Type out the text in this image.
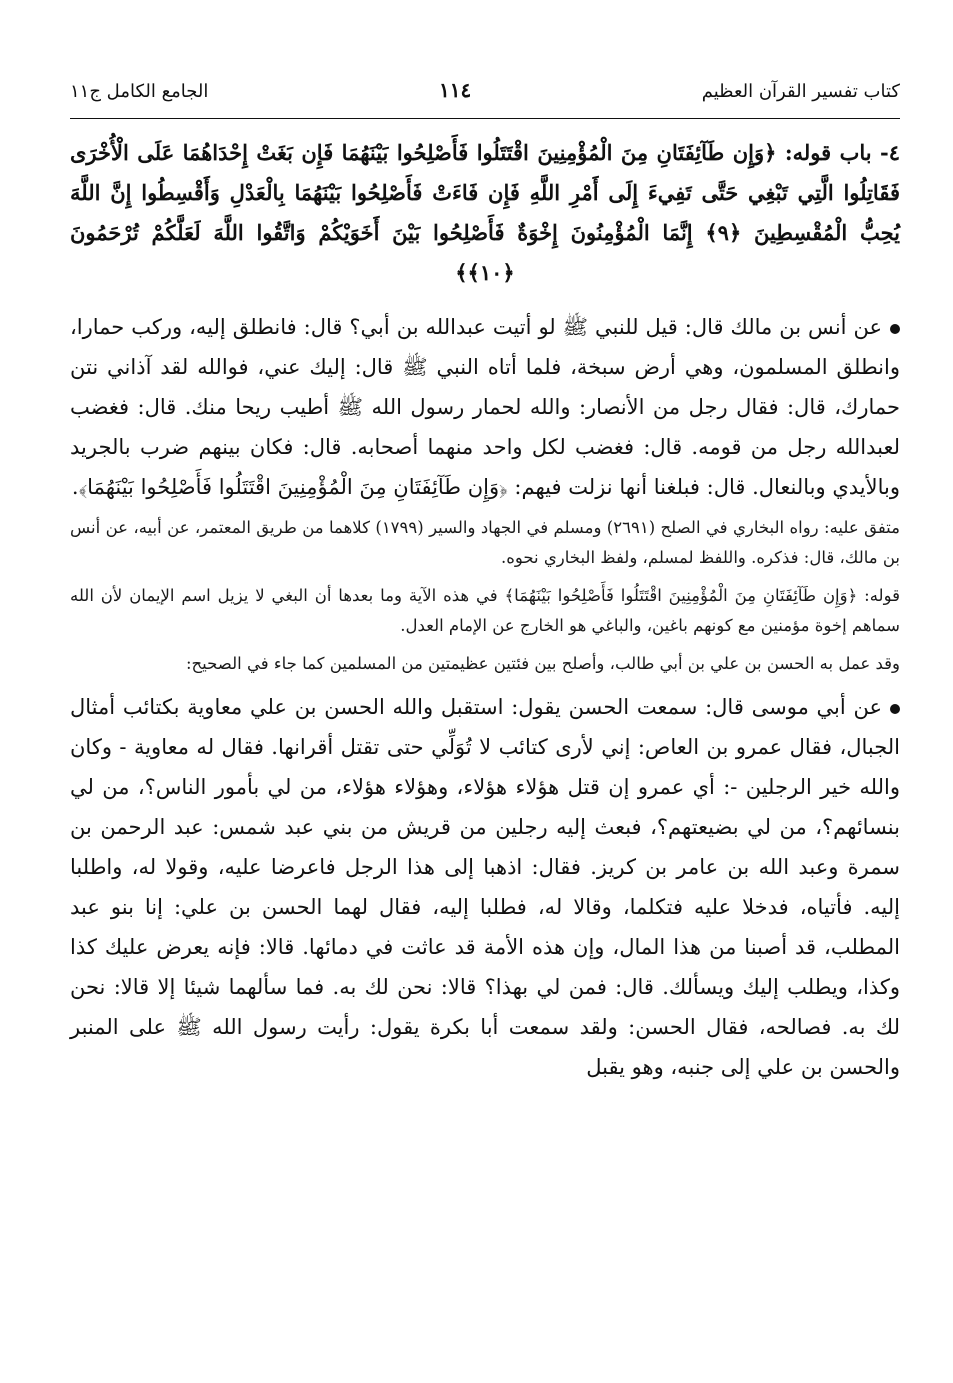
كتاب تفسير القرآن العظيم
١١٤
الجامع الكامل ج١١
٤- باب قوله: ﴿وَإِن طَآئِفَتَانِ مِنَ الْمُؤْمِنِينَ اقْتَتَلُوا فَأَصْلِحُوا بَيْنَهُمَا فَإِن بَغَتْ إِحْدَاهُمَا عَلَى الْأُخْرَى فَقَاتِلُوا الَّتِي تَبْغِي حَتَّى تَفِيءَ إِلَى أَمْرِ اللَّهِ فَإِن فَاءَتْ فَأَصْلِحُوا بَيْنَهُمَا بِالْعَدْلِ وَأَقْسِطُوا إِنَّ اللَّهَ يُحِبُّ الْمُقْسِطِينَ ﴿٩﴾ إِنَّمَا الْمُؤْمِنُونَ إِخْوَةٌ فَأَصْلِحُوا بَيْنَ أَخَوَيْكُمْ وَاتَّقُوا اللَّهَ لَعَلَّكُمْ تُرْحَمُونَ ﴿١٠﴾﴾

عن أنس بن مالك قال: قيل للنبي ﷺ لو أتيت عبدالله بن أبي؟ قال: فانطلق إليه، وركب حمارا، وانطلق المسلمون، وهي أرض سبخة، فلما أتاه النبي ﷺ قال: إليك عني، فوالله لقد آذاني نتن حمارك، قال: فقال رجل من الأنصار: والله لحمار رسول الله ﷺ أطيب ريحا منك. قال: فغضب لعبدالله رجل من قومه. قال: فغضب لكل واحد منهما أصحابه. قال: فكان بينهم ضرب بالجريد وبالأيدي وبالنعال. قال: فبلغنا أنها نزلت فيهم: ﴿وَإِن طَآئِفَتَانِ مِنَ الْمُؤْمِنِينَ اقْتَتَلُوا فَأَصْلِحُوا بَيْنَهُمَا﴾.

متفق عليه: رواه البخاري في الصلح (٢٦٩١) ومسلم في الجهاد والسير (١٧٩٩) كلاهما من طريق المعتمر، عن أبيه، عن أنس بن مالك، قال: فذكره. واللفظ لمسلم، ولفظ البخاري نحوه.

قوله: ﴿وَإِن طَآئِفَتَانِ مِنَ الْمُؤْمِنِينَ اقْتَتَلُوا فَأَصْلِحُوا بَيْنَهُمَا﴾ في هذه الآية وما بعدها أن البغي لا يزيل اسم الإيمان لأن الله سماهم إخوة مؤمنين مع كونهم باغين، والباغي هو الخارج عن الإمام العدل.

وقد عمل به الحسن بن علي بن أبي طالب، وأصلح بين فئتين عظيمتين من المسلمين كما جاء في الصحيح:

عن أبي موسى قال: سمعت الحسن يقول: استقبل والله الحسن بن علي معاوية بكتائب أمثال الجبال، فقال عمرو بن العاص: إني لأرى كتائب لا تُوَلِّي حتى تقتل أقرانها. فقال له معاوية - وكان والله خير الرجلين -: أي عمرو إن قتل هؤلاء هؤلاء، وهؤلاء هؤلاء، من لي بأمور الناس؟، من لي بنسائهم؟، من لي بضيعتهم؟، فبعث إليه رجلين من قريش من بني عبد شمس: عبد الرحمن بن سمرة وعبد الله بن عامر بن كريز. فقال: اذهبا إلى هذا الرجل فاعرضا عليه، وقولا له، واطلبا إليه. فأتياه، فدخلا عليه فتكلما، وقالا له، فطلبا إليه، فقال لهما الحسن بن علي: إنا بنو عبد المطلب، قد أصبنا من هذا المال، وإن هذه الأمة قد عاثت في دمائها. قالا: فإنه يعرض عليك كذا وكذا، ويطلب إليك ويسألك. قال: فمن لي بهذا؟ قالا: نحن لك به. فما سألهما شيئا إلا قالا: نحن لك به. فصالحه، فقال الحسن: ولقد سمعت أبا بكرة يقول: رأيت رسول الله ﷺ على المنبر والحسن بن علي إلى جنبه، وهو يقبل
